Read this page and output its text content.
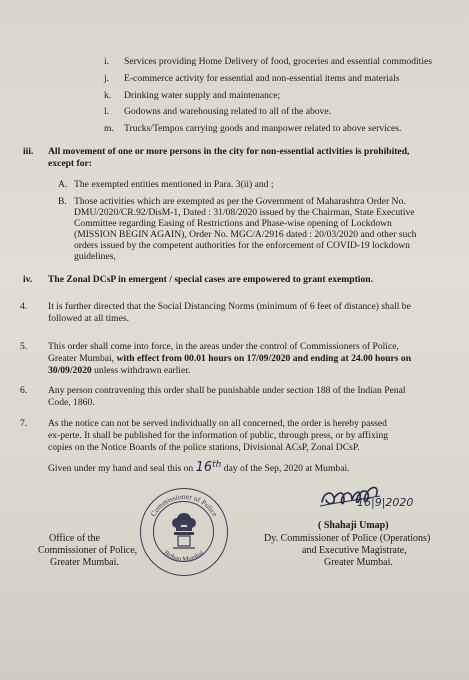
i. Services providing Home Delivery of food, groceries and essential commodities
j. E-commerce activity for essential and non-essential items and materials
k. Drinking water supply and maintenance;
l. Godowns and warehousing related to all of the above.
m. Trucks/Tempos carrying goods and manpower related to above services.
iii. All movement of one or more persons in the city for non-essential activities is prohibited,
except for:
A. The exempted entities mentioned in Para. 3(ii) and ;
B. Those activities which are exempted as per the Government of Maharashtra Order No.
DMU/2020/CR.92/DisM-1, Dated : 31/08/2020 issued by the Chairman, State Executive
Committee regarding Easing of Restrictions and Phase-wise opening of Lockdown
(MISSION BEGIN AGAIN), Order No. MGC/A/2916 dated : 20/03/2020 and other such
orders issued by the competent authorities for the enforcement of COVID-19 lockdown
guidelines,
iv. The Zonal DCsP in emergent / special cases are empowered to grant exemption.
4. It is further directed that the Social Distancing Norms (minimum of 6 feet of distance) shall be
followed at all times.
5. This order shall come into force, in the areas under the control of Commissioners of Police,
Greater Mumbai, with effect from 00.01 hours on 17/09/2020 and ending at 24.00 hours on
30/09/2020 unless withdrawn earlier.
6. Any person contravening this order shall be punishable under section 188 of the Indian Penal
Code, 1860.
7. As the notice can not be served individually on all concerned, the order is hereby passed
ex-perte. It shall be published for the information of public, through press, or by affixing
copies on the Notice Boards of the police stations, Divisional ACsP, Zonal DCsP.
Given under my hand and seal this on 16th day of the Sep, 2020 at Mumbai.
Commissioner of Police
Brihan Mumbai
Office of the
Commissioner of Police,
Greater Mumbai.
16|9|2020
( Shahaji Umap)
Dy. Commissioner of Police (Operations)
and Executive Magistrate,
Greater Mumbai.
